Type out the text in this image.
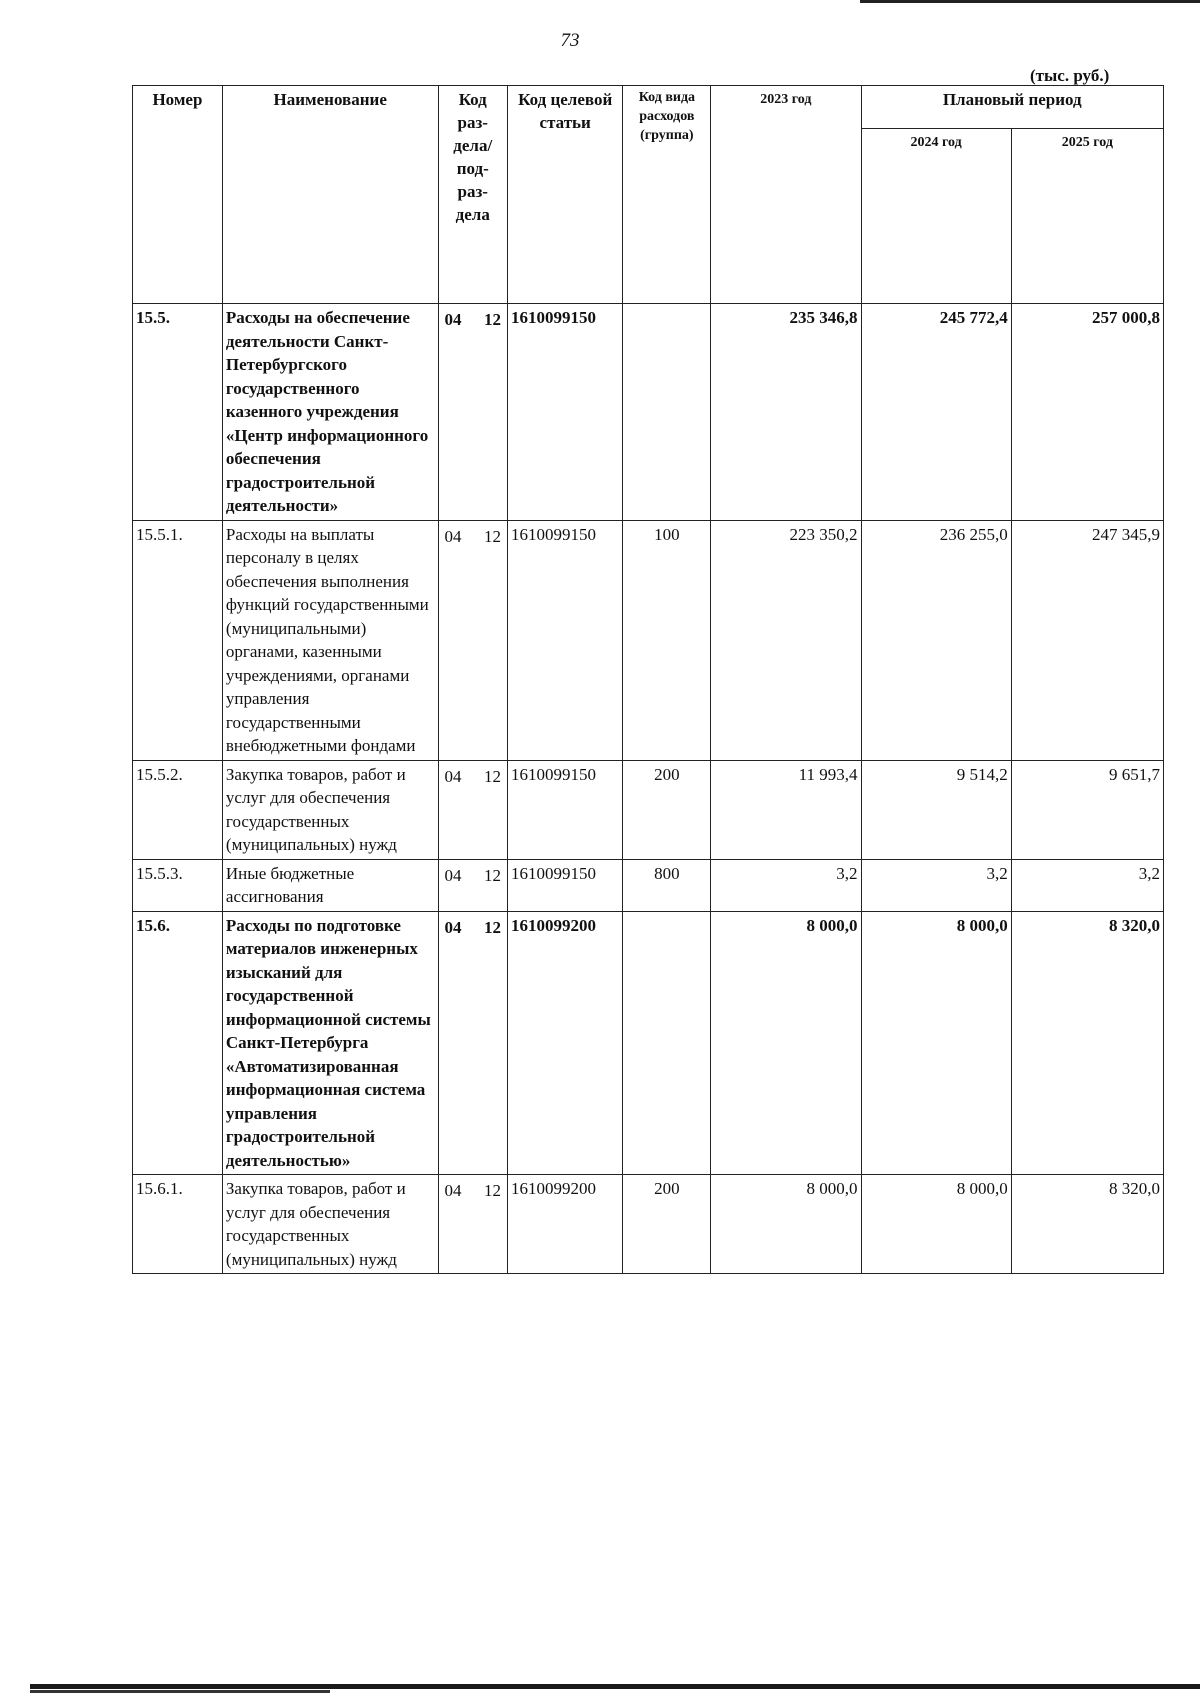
73
(тыс. руб.)
Номер	Наименование	Код раз-дела/ под-раз-дела	Код целевой статьи	Код вида расходов (группа)	2023 год	Плановый период	
						2024 год	2025 год
15.5.	Расходы на обеспечение деятельности Санкт-Петербургского государственного казенного учреждения «Центр информационного обеспечения градостроительной деятельности»	04 12	1610099150		235 346,8	245 772,4	257 000,8
15.5.1.	Расходы на выплаты персоналу в целях обеспечения выполнения функций государственными (муниципальными) органами, казенными учреждениями, органами управления государственными внебюджетными фондами	04 12	1610099150	100	223 350,2	236 255,0	247 345,9
15.5.2.	Закупка товаров, работ и услуг для обеспечения государственных (муниципальных) нужд	04 12	1610099150	200	11 993,4	9 514,2	9 651,7
15.5.3.	Иные бюджетные ассигнования	04 12	1610099150	800	3,2	3,2	3,2
15.6.	Расходы по подготовке материалов инженерных изысканий для государственной информационной системы Санкт-Петербурга «Автоматизированная информационная система управления градостроительной деятельностью»	04 12	1610099200		8 000,0	8 000,0	8 320,0
15.6.1.	Закупка товаров, работ и услуг для обеспечения государственных (муниципальных) нужд	04 12	1610099200	200	8 000,0	8 000,0	8 320,0
